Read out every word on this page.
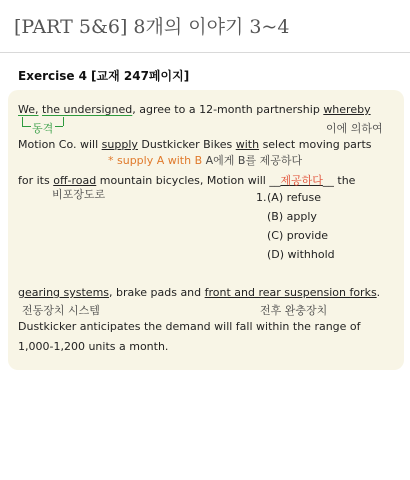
[PART 5&6] 8개의 이야기 3~4
Exercise 4 [교재 247페이지]
We, the undersigned, agree to a 12-month partnership whereby
동격	이에 의하여
Motion Co. will supply Dustkicker Bikes with select moving parts
* supply A with B A에게 B를 제공하다
for its off-road mountain bicycles, Motion will __제공하다__ the
비포장도로	1. (A) refuse
(B) apply
(C) provide
(D) withhold
gearing systems, brake pads and front and rear suspension forks.
전동장치 시스템	전후 완충장치
Dustkicker anticipates the demand will fall within the range of
1,000-1,200 units a month.
